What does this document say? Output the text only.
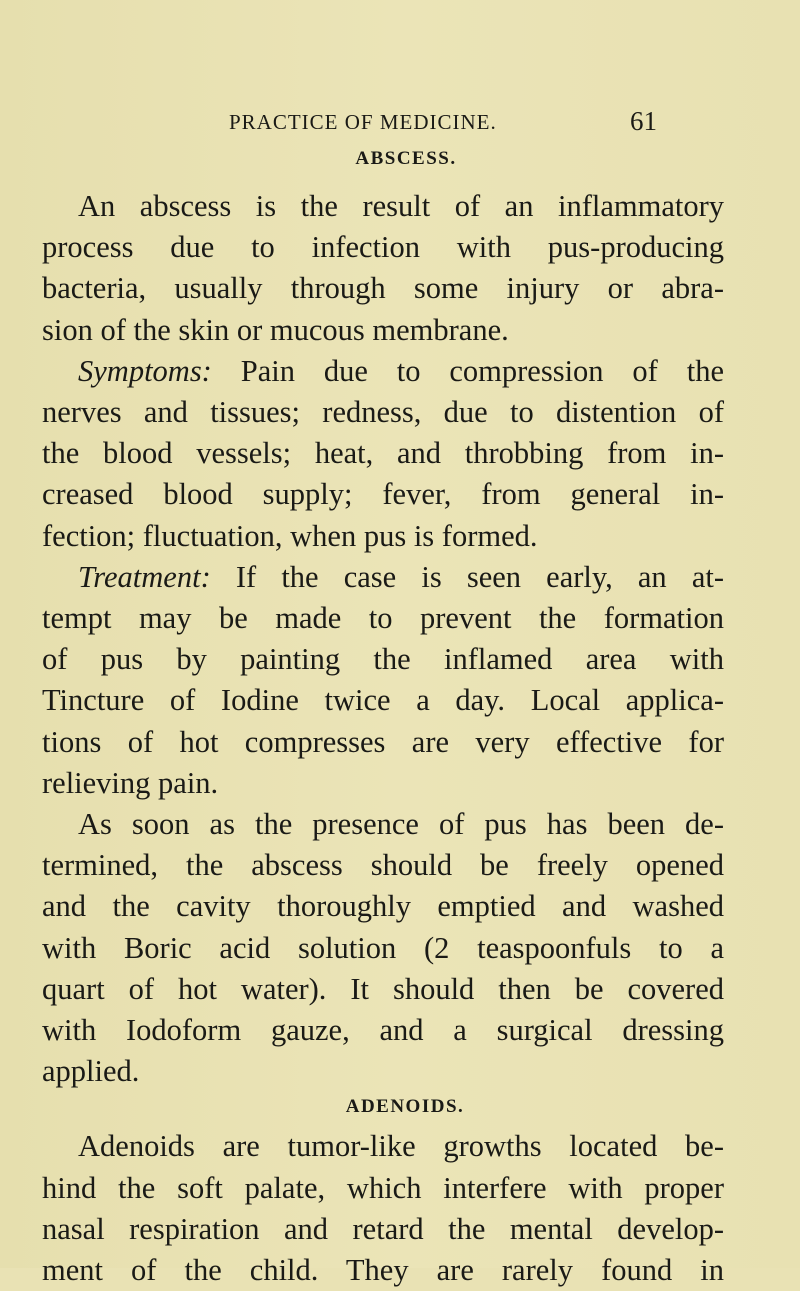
PRACTICE OF MEDICINE.	61
ABSCESS.
An abscess is the result of an inflammatory
process due to infection with pus-producing
bacteria, usually through some injury or abra-
sion of the skin or mucous membrane.
Symptoms: Pain due to compression of the
nerves and tissues; redness, due to distention of
the blood vessels; heat, and throbbing from in-
creased blood supply; fever, from general in-
fection; fluctuation, when pus is formed.
Treatment: If the case is seen early, an at-
tempt may be made to prevent the formation
of pus by painting the inflamed area with
Tincture of Iodine twice a day. Local applica-
tions of hot compresses are very effective for
relieving pain.
As soon as the presence of pus has been de-
termined, the abscess should be freely opened
and the cavity thoroughly emptied and washed
with Boric acid solution (2 teaspoonfuls to a
quart of hot water). It should then be covered
with Iodoform gauze, and a surgical dressing
applied.
ADENOIDS.
Adenoids are tumor-like growths located be-
hind the soft palate, which interfere with proper
nasal respiration and retard the mental develop-
ment of the child. They are rarely found in
